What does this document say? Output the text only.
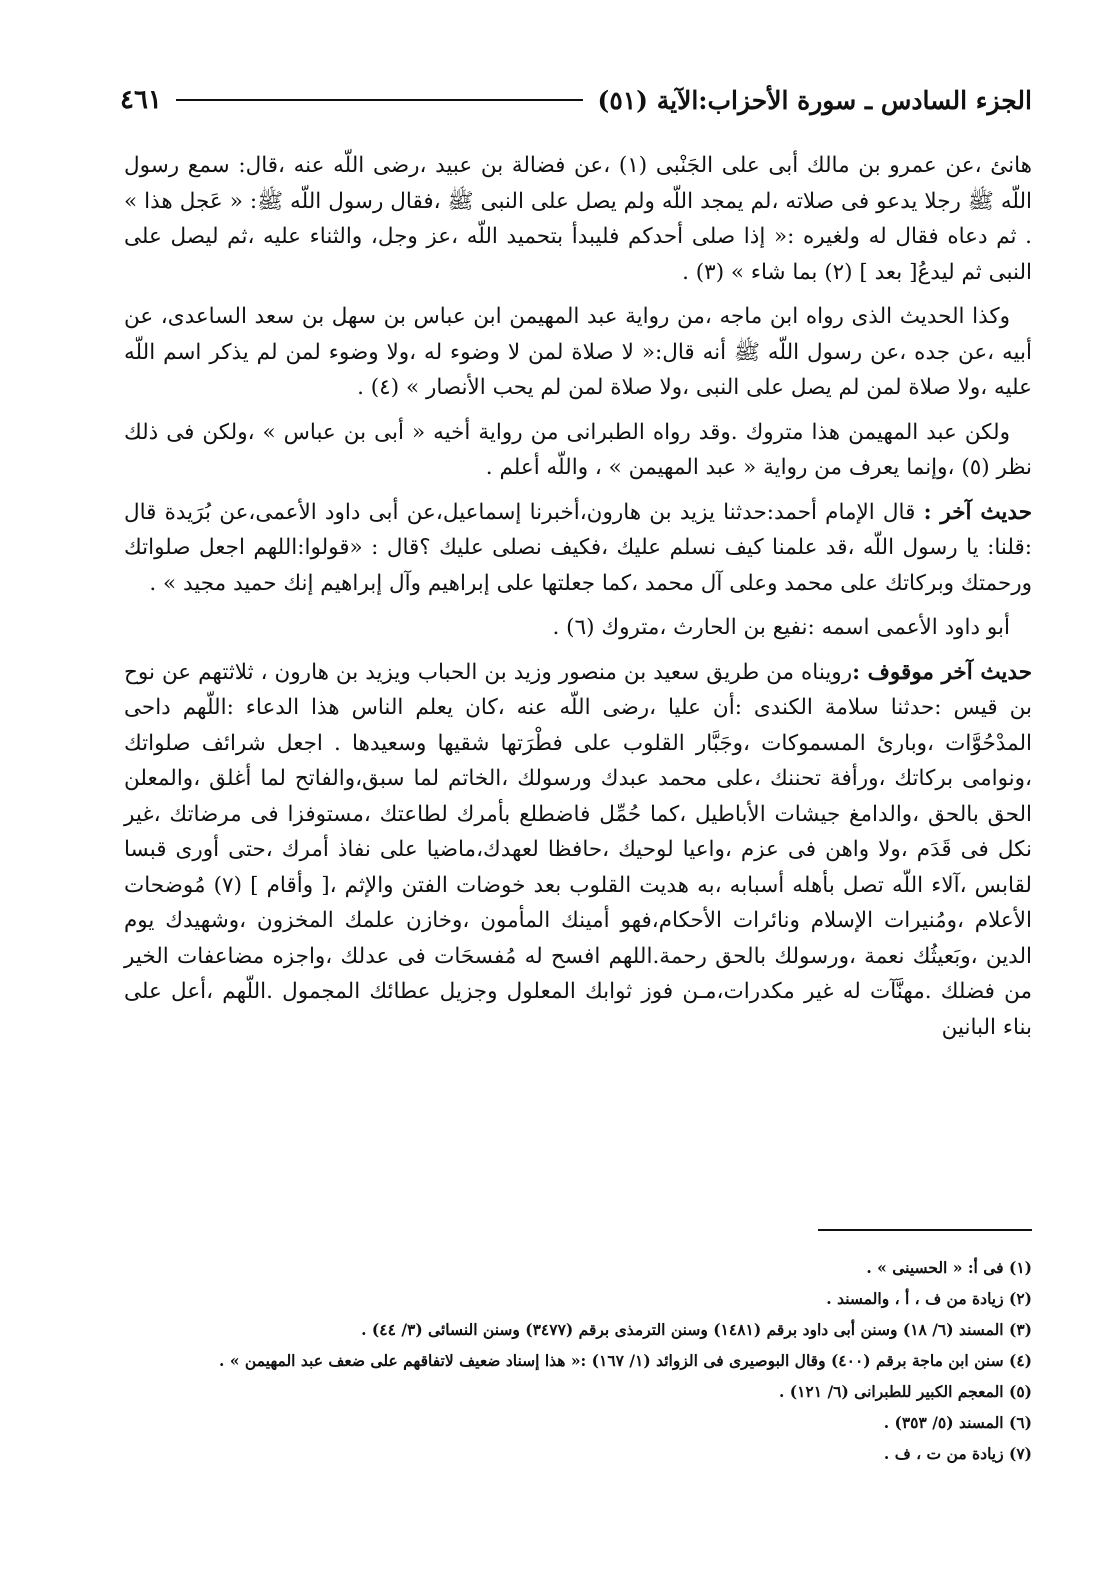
الجزء السادس ـ سورة الأحزاب:الآية (٥١)
٤٦١

هانئ ،عن عمرو بن مالك أبى على الجَنْبى (١) ،عن فضالة بن عبيد ،رضى اللّه عنه ،قال: سمع رسول اللّه ﷺ رجلا يدعو فى صلاته ،لم يمجد اللّه ولم يصل على النبى ﷺ ،فقال رسول اللّه ﷺ: « عَجل هذا » . ثم دعاه فقال له ولغيره :« إذا صلى أحدكم فليبدأ بتحميد اللّه ،عز وجل، والثناء عليه ،ثم ليصل على النبى ثم ليدعُ[ بعد ] (٢) بما شاء » (٣) .

وكذا الحديث الذى رواه ابن ماجه ،من رواية عبد المهيمن ابن عباس بن سهل بن سعد الساعدى، عن أبيه ،عن جده ،عن رسول اللّه ﷺ أنه قال:« لا صلاة لمن لا وضوء له ،ولا وضوء لمن لم يذكر اسم اللّه عليه ،ولا صلاة لمن لم يصل على النبى ،ولا صلاة لمن لم يحب الأنصار » (٤) .

ولكن عبد المهيمن هذا متروك .وقد رواه الطبرانى من رواية أخيه « أبى بن عباس » ،ولكن فى ذلك نظر (٥) ،وإنما يعرف من رواية « عبد المهيمن » ، واللّه أعلم .

حديث آخر : قال الإمام أحمد:حدثنا يزيد بن هارون،أخبرنا إسماعيل،عن أبى داود الأعمى،عن بُرَيدة قال :قلنا: يا رسول اللّه ،قد علمنا كيف نسلم عليك ،فكيف نصلى عليك ؟قال : «قولوا:اللهم اجعل صلواتك ورحمتك وبركاتك على محمد وعلى آل محمد ،كما جعلتها على إبراهيم وآل إبراهيم إنك حميد مجيد » .

أبو داود الأعمى اسمه :نفيع بن الحارث ،متروك (٦) .

حديث آخر موقوف :رويناه من طريق سعيد بن منصور وزيد بن الحباب ويزيد بن هارون ، ثلاثتهم عن نوح بن قيس :حدثنا سلامة الكندى :أن عليا ،رضى اللّه عنه ،كان يعلم الناس هذا الدعاء :اللّهم داحى المدْحُوَّات ،وبارئ المسموكات ،وجَبَّار القلوب على فطْرَتها شقيها وسعيدها . اجعل شرائف صلواتك ،ونوامى بركاتك ،ورأفة تحننك ،على محمد عبدك ورسولك ،الخاتم لما سبق،والفاتح لما أغلق ،والمعلن الحق بالحق ،والدامغ جيشات الأباطيل ،كما حُمِّل فاضطلع بأمرك لطاعتك ،مستوفزا فى مرضاتك ،غير نكل فى قَدَم ،ولا واهن فى عزم ،واعيا لوحيك ،حافظا لعهدك،ماضيا على نفاذ أمرك ،حتى أورى قبسا لقابس ،آلاء اللّه تصل بأهله أسبابه ،به هديت القلوب بعد خوضات الفتن والإثم ،[ وأقام ] (٧) مُوضحات الأعلام ،ومُنيرات الإسلام ونائرات الأحكام،فهو أمينك المأمون ،وخازن علمك المخزون ،وشهيدك يوم الدين ،وبَعيثُك نعمة ،ورسولك بالحق رحمة.اللهم افسح له مُفسحَات فى عدلك ،واجزه مضاعفات الخير من فضلك .مهنَّآت له غير مكدرات،مـن فوز ثوابك المعلول وجزيل عطائك المجمول .اللّهم ،أعل على بناء البانين

(١) فى أ: « الحسينى » .

(٢) زيادة من ف ، أ ، والمسند .

(٣) المسند (٦/ ١٨) وسنن أبى داود برقم (١٤٨١) وسنن الترمذى برقم (٣٤٧٧) وسنن النسائى (٣/ ٤٤) .

(٤) سنن ابن ماجة برقم (٤٠٠) وقال البوصيرى فى الزوائد (١/ ١٦٧) :« هذا إسناد ضعيف لاتفاقهم على ضعف عبد المهيمن » .

(٥) المعجم الكبير للطبرانى (٦/ ١٢١) .

(٦) المسند (٥/ ٣٥٣) .

(٧) زيادة من ت ، ف .
